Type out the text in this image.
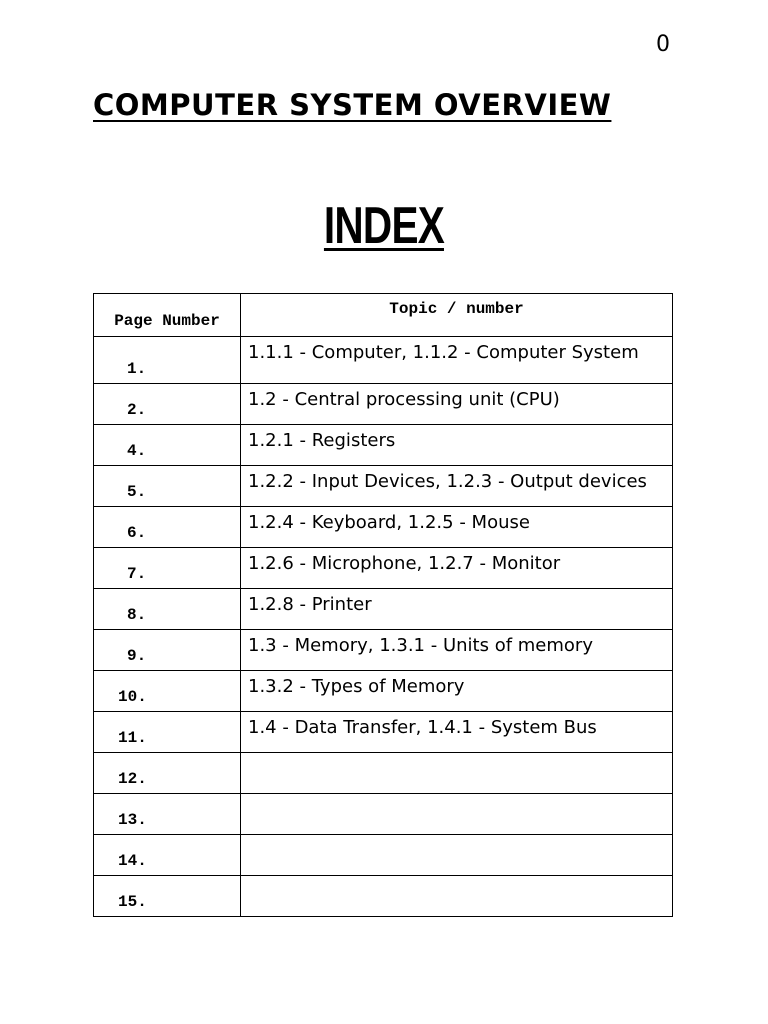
0
COMPUTER SYSTEM OVERVIEW
INDEX
Page Number	Topic / number
1.	1.1.1 - Computer, 1.1.2 - Computer System
2.	1.2 - Central processing unit (CPU)
4.	1.2.1 - Registers
5.	1.2.2 - Input Devices, 1.2.3 - Output devices
6.	1.2.4 - Keyboard, 1.2.5 - Mouse
7.	1.2.6 - Microphone, 1.2.7 - Monitor
8.	1.2.8 - Printer
9.	1.3 - Memory, 1.3.1 - Units of memory
10.	1.3.2 - Types of Memory
11.	1.4 - Data Transfer, 1.4.1 - System Bus
12.	
13.	
14.	
15.	
